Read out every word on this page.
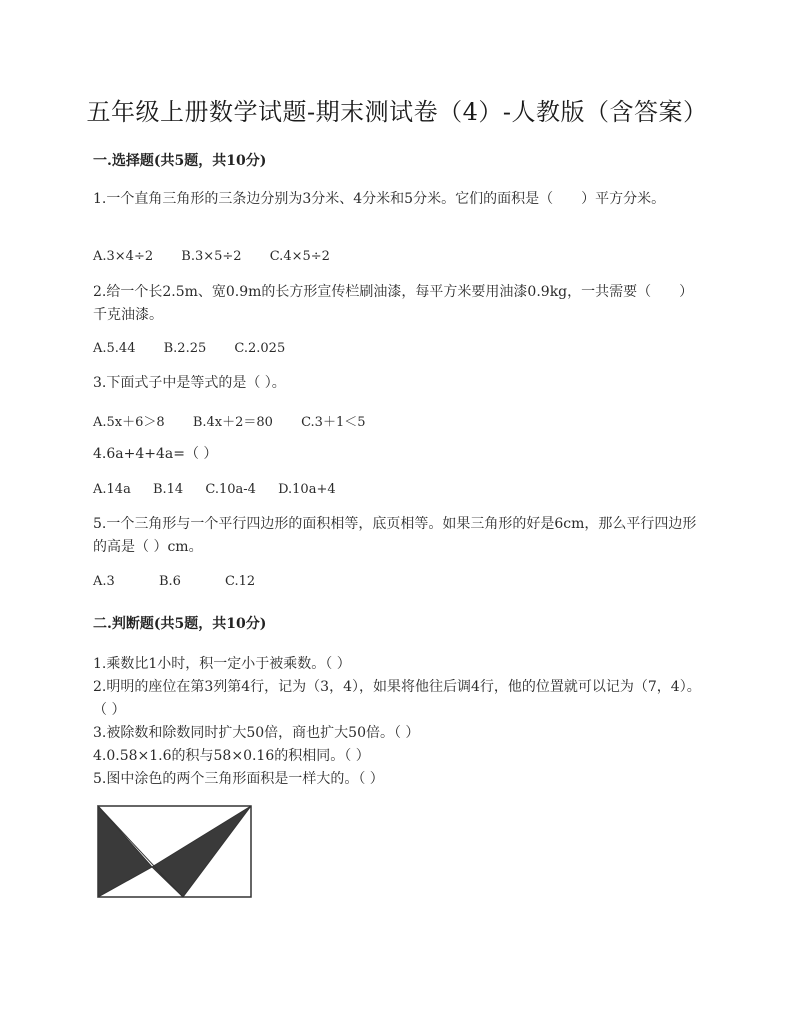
五年级上册数学试题-期末测试卷（4）-人教版（含答案）
一.选择题(共5题，共10分)
1.一个直角三角形的三条边分别为3分米、4分米和5分米。它们的面积是（　　）平方分米。
A.3×4÷2 B.3×5÷2 C.4×5÷2
2.给一个长2.5m、宽0.9m的长方形宣传栏刷油漆，每平方米要用油漆0.9kg，一共需要（　　）千克油漆。
A.5.44 B.2.25 C.2.025
3.下面式子中是等式的是（ ）。
A.5x＋6＞8 B.4x＋2＝80 C.3＋1＜5
4.6a+4+4a=（ ）
A.14a B.14 C.10a-4 D.10a+4
5.一个三角形与一个平行四边形的面积相等，底页相等。如果三角形的好是6cm，那么平行四边形的高是（ ）cm。
A.3	B.6	C.12
二.判断题(共5题，共10分)
1.乘数比1小时，积一定小于被乘数。（ ）
2.明明的座位在第3列第4行，记为（3，4），如果将他往后调4行，他的位置就可以记为（7，4）。（ ）
3.被除数和除数同时扩大50倍，商也扩大50倍。（ ）
4.0.58×1.6的积与58×0.16的积相同。（ ）
5.图中涂色的两个三角形面积是一样大的。（ ）
